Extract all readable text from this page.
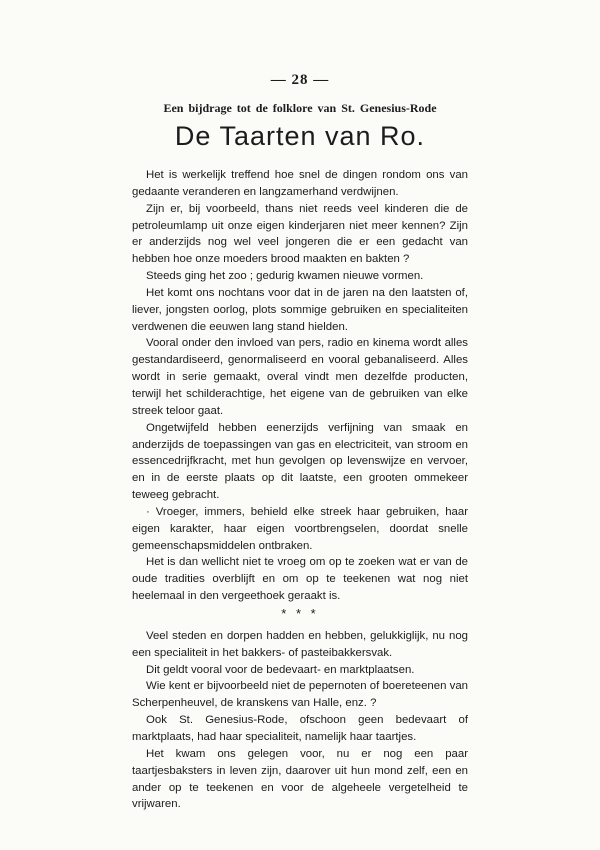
— 28 —
Een bijdrage tot de folklore van St. Genesius-Rode
De Taarten van Ro.

Het is werkelijk treffend hoe snel de dingen rondom ons van gedaante veranderen en langzamerhand verdwijnen.

Zijn er, bij voorbeeld, thans niet reeds veel kinderen die de petroleumlamp uit onze eigen kinderjaren niet meer kennen? Zijn er anderzijds nog wel veel jongeren die er een gedacht van hebben hoe onze moeders brood maakten en bakten ?

Steeds ging het zoo ; gedurig kwamen nieuwe vormen.

Het komt ons nochtans voor dat in de jaren na den laatsten of, liever, jongsten oorlog, plots sommige gebruiken en specialiteiten verdwenen die eeuwen lang stand hielden.

Vooral onder den invloed van pers, radio en kinema wordt alles gestandardiseerd, genormaliseerd en vooral gebanaliseerd. Alles wordt in serie gemaakt, overal vindt men dezelfde producten, terwijl het schilderachtige, het eigene van de gebruiken van elke streek teloor gaat.

Ongetwijfeld hebben eenerzijds verfijning van smaak en anderzijds de toepassingen van gas en electriciteit, van stroom en essencedrijfkracht, met hun gevolgen op levenswijze en vervoer, en in de eerste plaats op dit laatste, een grooten ommekeer teweeg gebracht.

· Vroeger, immers, behield elke streek haar gebruiken, haar eigen karakter, haar eigen voortbrengselen, doordat snelle gemeenschapsmiddelen ontbraken.

Het is dan wellicht niet te vroeg om op te zoeken wat er van de oude tradities overblijft en om op te teekenen wat nog niet heelemaal in den vergeethoek geraakt is.

* * *

Veel steden en dorpen hadden en hebben, gelukkiglijk, nu nog een specialiteit in het bakkers- of pasteibakkersvak.

Dit geldt vooral voor de bedevaart- en marktplaatsen.

Wie kent er bijvoorbeeld niet de pepernoten of boereteenen van Scherpenheuvel, de kranskens van Halle, enz. ?

Ook St. Genesius-Rode, ofschoon geen bedevaart of marktplaats, had haar specialiteit, namelijk haar taartjes.

Het kwam ons gelegen voor, nu er nog een paar taartjesbaksters in leven zijn, daarover uit hun mond zelf, een en ander op te teekenen en voor de algeheele vergetelheid te vrijwaren.
